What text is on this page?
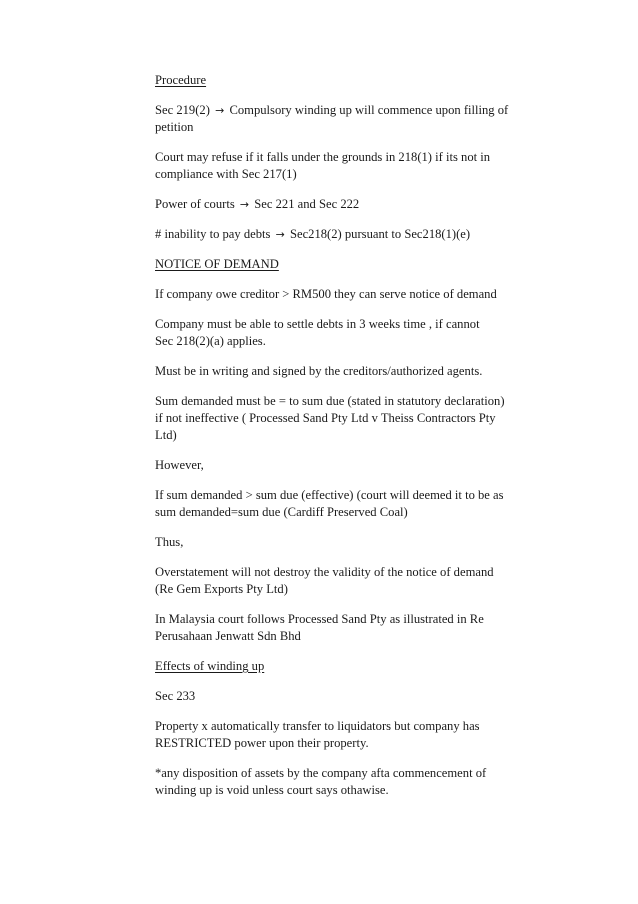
Procedure

Sec 219(2) → Compulsory winding up will commence upon filling of
petition

Court may refuse if it falls under the grounds in 218(1) if its not in
compliance with Sec 217(1)

Power of courts → Sec 221 and Sec 222

# inability to pay debts → Sec218(2) pursuant to Sec218(1)(e)

NOTICE OF DEMAND

If company owe creditor > RM500 they can serve notice of demand

Company must be able to settle debts in 3 weeks time , if cannot
Sec 218(2)(a) applies.

Must be in writing and signed by the creditors/authorized agents.

Sum demanded must be = to sum due (stated in statutory declaration)
if not ineffective ( Processed Sand Pty Ltd v Theiss Contractors Pty
Ltd)

However,

If sum demanded > sum due (effective) (court will deemed it to be as
sum demanded=sum due (Cardiff Preserved Coal)

Thus,

Overstatement will not destroy the validity of the notice of demand
(Re Gem Exports Pty Ltd)

In Malaysia court follows Processed Sand Pty as illustrated in Re
Perusahaan Jenwatt Sdn Bhd

Effects of winding up

Sec 233

Property x automatically transfer to liquidators but company has
RESTRICTED power upon their property.

*any disposition of assets by the company afta commencement of
winding up is void unless court says othawise.
